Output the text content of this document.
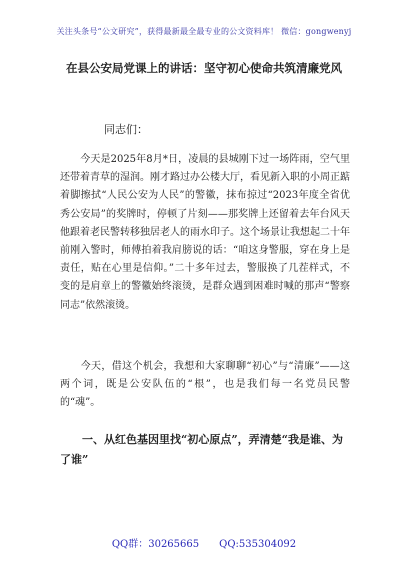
关注头条号“公文研究”，获得最新最全最专业的公文资料库！ 微信：gongwenyj
在县公安局党课上的讲话：坚守初心使命共筑清廉党风
同志们：

　　今天是2025年8月*日，凌晨的县城刚下过一场阵雨，空气里还带着青草的湿润。刚才路过办公楼大厅，看见新入职的小周正踮着脚擦拭“人民公安为人民”的警徽，抹布掠过“2023年度全省优秀公安局”的奖牌时，停顿了片刻——那奖牌上还留着去年台风天他跟着老民警转移独居老人的雨水印子。这个场景让我想起二十年前刚入警时，师傅拍着我肩膀说的话：“咱这身警服，穿在身上是责任，贴在心里是信仰。”二十多年过去，警服换了几茬样式，不变的是肩章上的警徽始终滚烫，是群众遇到困难时喊的那声“警察同志”依然滚烫。

　　今天，借这个机会，我想和大家聊聊“初心”与“清廉”——这两个词，既是公安队伍的“根”，也是我们每一名党员民警的“魂”。

　　一、从红色基因里找“初心原点”，弄清楚“我是谁、为了谁”

QQ群：30265665 QQ:535304092
